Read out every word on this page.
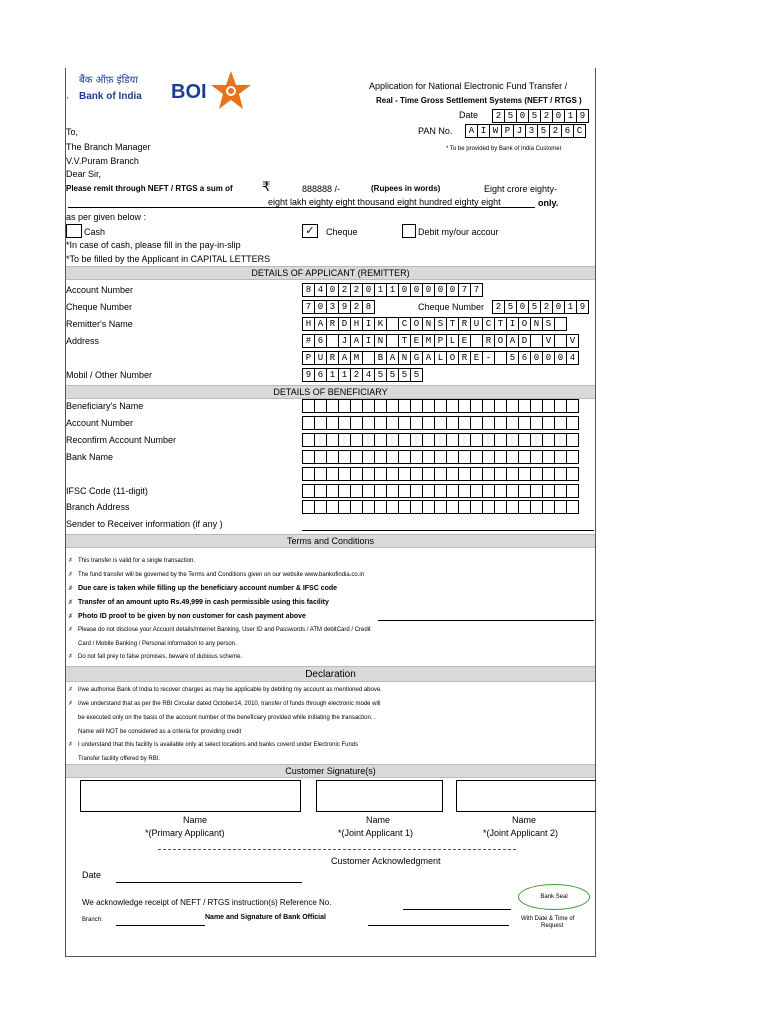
बैंक ऑफ़ इंडिया
Bank of India BOI
'
Application for National Electronic Fund Transfer /
Real - Time Gross Settlement Systems (NEFT / RTGS )
Date	2 5 0 5 2 0 1 9
To,	PAN No.	A I W P J 3 5 2 6 C
* To be provided by Bank of India Customer
The Branch Manager
V.V.Puram Branch
Dear Sir,
Please remit through NEFT / RTGS a sum of ₹	888888 /-	(Rupees in words)	Eight crore eighty-
eight lakh eighty eight thousand eight hundred eighty eight	only.
as per given below :
Cash	✓	Cheque	Debit my/our accour
*In case of cash, please fill in the pay-in-slip
*To be filled by the Applicant in CAPITAL LETTERS
DETAILS OF APPLICANT (REMITTER)
Account Number	8 4 0 2 2 0 1 1 0 0 0 0 0 7 7
Cheque Number	7 0 3 9 2 8	Cheque Number	2 5 0 5 2 0 1 9
Remitter's Name	H A R D H I K	C O N S T R U C T I O N S
Address	# 6	J A I N	T E M P L E	R O A D	V	V
P U R A M	B A N G A L O R E -	5 6 0 0 0 4
Mobil / Other Number	9 6 1 1 2 4 5 5 5 5
DETAILS OF BENEFICIARY
Beneficiary's Name
Account Number
Reconfirm Account Number
Bank Name
IFSC Code (11-digit)
Branch Address
Sender to Receiver information (if any )
Terms and Conditions
✗ This transfer is valid for a single transaction.
✗ The fund transfer will be governed by the Terms and Conditions given on our website www.bankofindia.co.in
✗ Due care is taken while filling up the beneficiary account number & IFSC code
✗ Transfer of an amount upto Rs.49,999 in cash permissible using this facility
✗ Photo ID proof to be given by non customer for cash payment above
✗ Please do not disclose your Account details/Internet Banking, User ID and Passwords / ATM debitCard / Credit
Card / Mobile Banking / Personal information to any person.
✗ Do not fall prey to false promises, beware of dubious scheme.
Declaration
✗ I/we authorise Bank of India to recover charges as may be applicable by debiting my account as mentioned above.
✗ I/we understand that as per the RBI Circular dated October14, 2010, transfer of funds through electronic mode will
be executed only on the basis of the account number of the beneficiary provided while initiating the transaction. .
Name will NOT be considered as a criteria for providing credit
✗ I understand that this facility is available only at select locations and banks coverd under Electronic Funds
Transfer facility offered by RBI.
Customer Signature(s)
Name	Name	Name
*(Primary Applicant)	*(Joint Applicant 1)	*(Joint Applicant 2)
Customer Acknowledgment
Date
Bank Seal
We acknowledge receipt of NEFT / RTGS instruction(s) Reference No.
Branch:	Name and Signature of Bank Official	With Date & Time of
Request
